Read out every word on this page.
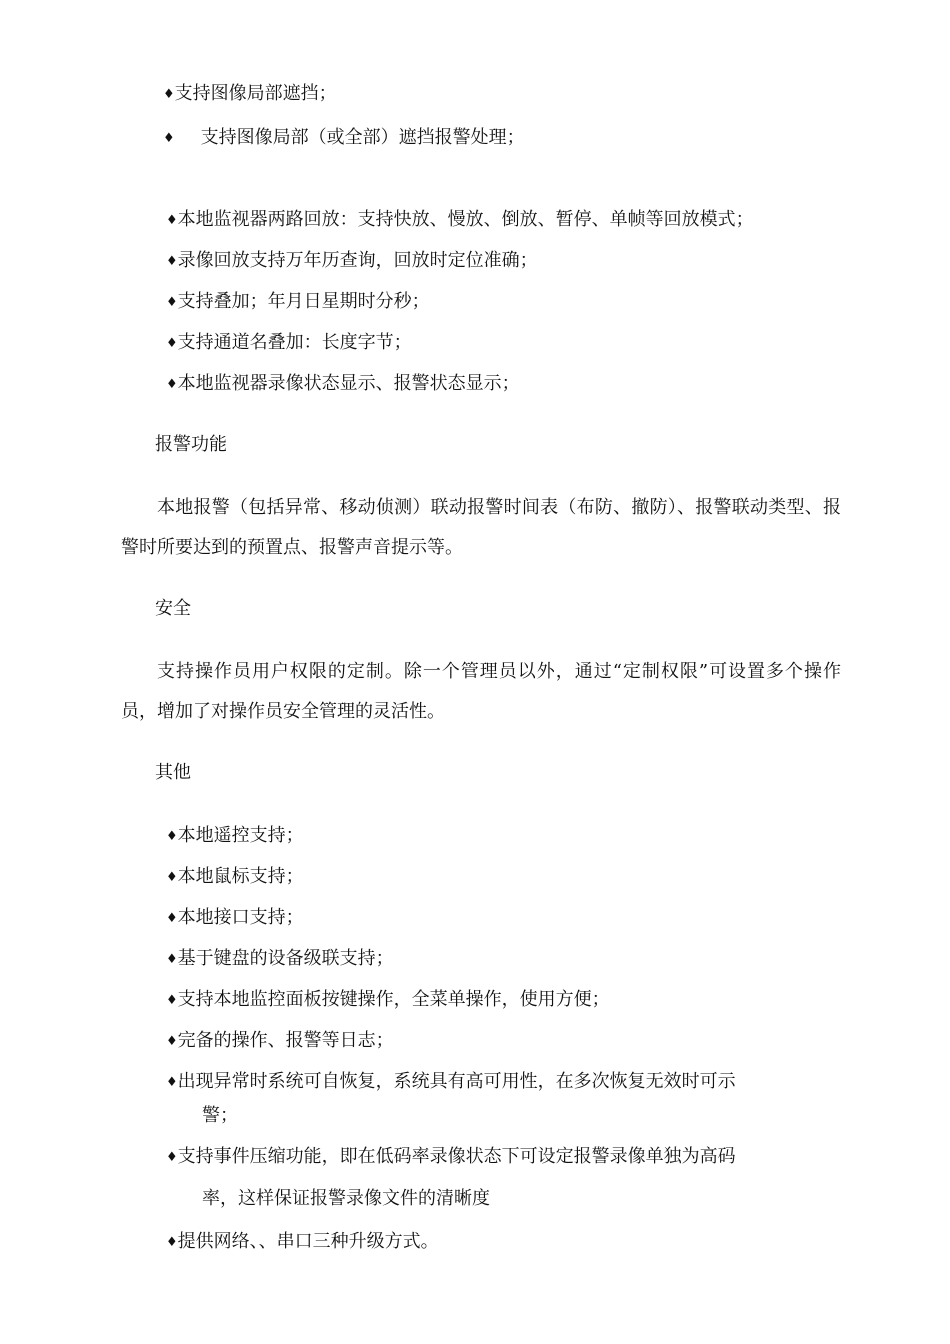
♦支持图像局部遮挡；
♦ 支持图像局部（或全部）遮挡报警处理；
♦本地监视器两路回放：支持快放、慢放、倒放、暂停、单帧等回放模式；
♦录像回放支持万年历查询，回放时定位准确；
♦支持叠加；年月日星期时分秒；
♦支持通道名叠加：长度字节；
♦本地监视器录像状态显示、报警状态显示；
报警功能
本地报警（包括异常、移动侦测）联动报警时间表（布防、撤防）、报警联动类型、报警时所要达到的预置点、报警声音提示等。
安全
支持操作员用户权限的定制。除一个管理员以外，通过“定制权限”可设置多个操作员，增加了对操作员安全管理的灵活性。
其他
♦本地遥控支持；
♦本地鼠标支持；
♦本地接口支持；
♦基于键盘的设备级联支持；
♦支持本地监控面板按键操作，全菜单操作，使用方便；
♦完备的操作、报警等日志；
♦出现异常时系统可自恢复，系统具有高可用性，在多次恢复无效时可示
警；
♦支持事件压缩功能，即在低码率录像状态下可设定报警录像单独为高码
率，这样保证报警录像文件的清晰度
♦提供网络、、串口三种升级方式。
